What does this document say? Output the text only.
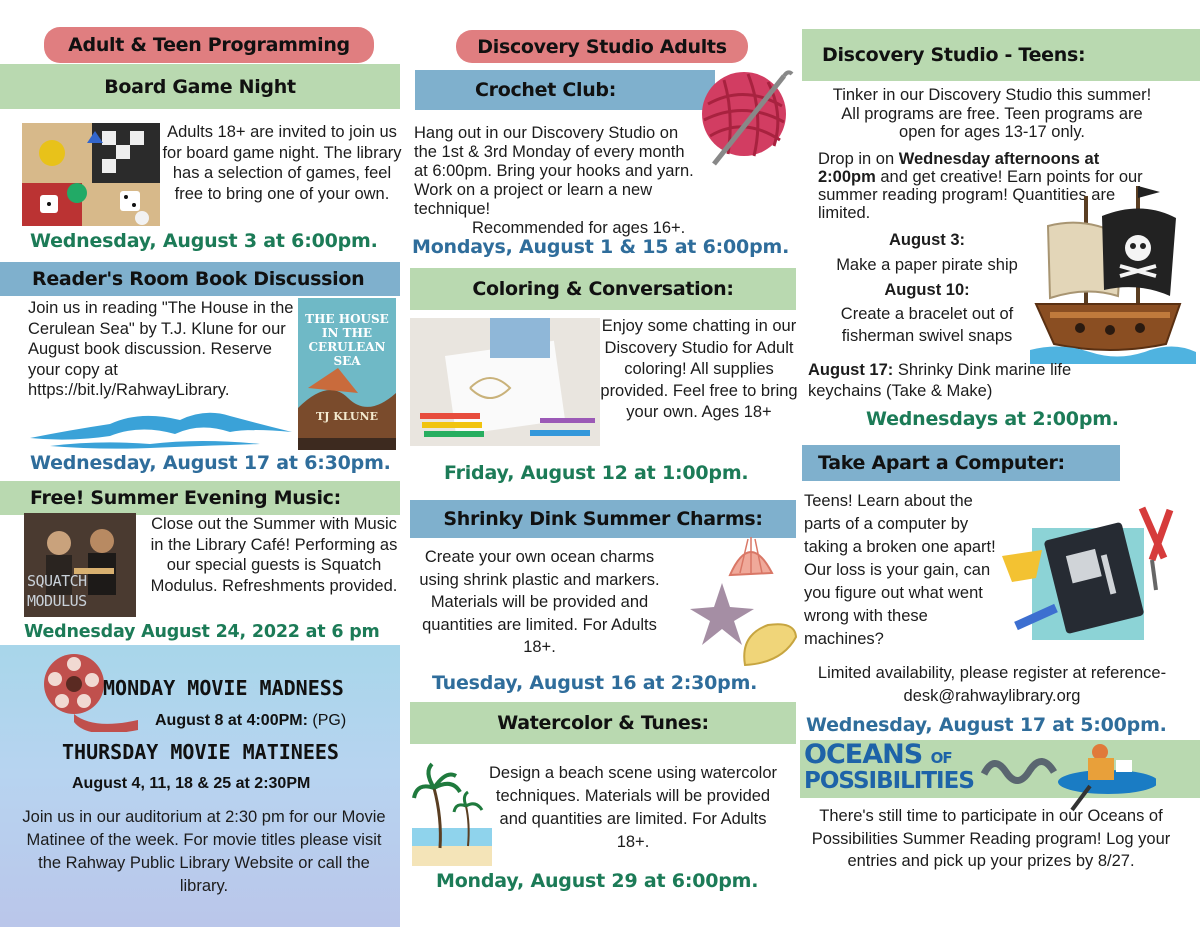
Adult & Teen Programming
Board Game Night
Adults 18+ are invited to join us for board game night. The library has a selection of games, feel free to bring one of your own.
Wednesday, August 3 at 6:00pm.
Reader's Room Book Discussion
Join us in reading "The House in the Cerulean Sea" by T.J. Klune for our August book discussion. Reserve your copy at https://bit.ly/RahwayLibrary.
THE HOUSE IN THE CERULEAN SEA
TJ KLUNE
Wednesday, August 17 at 6:30pm.
Free! Summer Evening Music:
SQUATCH MODULUS
Close out the Summer with Music in the Library Café! Performing as our special guests is Squatch Modulus. Refreshments provided.
Wednesday August 24, 2022 at 6 pm
MONDAY MOVIE MADNESS
August 8 at 4:00PM: (PG)
THURSDAY MOVIE MATINEES
August 4, 11, 18 & 25 at 2:30PM
Join us in our auditorium at 2:30 pm for our Movie Matinee of the week. For movie titles please visit the Rahway Public Library Website or call the library.
Discovery Studio Adults
Crochet Club:
Hang out in our Discovery Studio on the 1st & 3rd Monday of every month at 6:00pm. Bring your hooks and yarn. Work on a project or learn a new technique!
Recommended for ages 16+.
Mondays, August 1 & 15 at 6:00pm.
Coloring & Conversation:
Enjoy some chatting in our Discovery Studio for Adult coloring! All supplies provided. Feel free to bring your own. Ages 18+
Friday, August 12 at 1:00pm.
Shrinky Dink Summer Charms:
Create your own ocean charms using shrink plastic and markers. Materials will be provided and quantities are limited. For Adults 18+.
Tuesday, August 16 at 2:30pm.
Watercolor & Tunes:
Design a beach scene using watercolor techniques. Materials will be provided and quantities are limited. For Adults 18+.
Monday, August 29 at 6:00pm.
Discovery Studio - Teens:
Tinker in our Discovery Studio this summer! All programs are free. Teen programs are open for ages 13-17 only.
Drop in on Wednesday afternoons at 2:00pm and get creative! Earn points for our summer reading program! Quantities are limited.
August 3:
Make a paper pirate ship
August 10:
Create a bracelet out of fisherman swivel snaps
August 17: Shrinky Dink marine life keychains (Take & Make)
Wednesdays at 2:00pm.
Take Apart a Computer:
Teens! Learn about the parts of a computer by taking a broken one apart! Our loss is your gain, can you figure out what went wrong with these machines?
Limited availability, please register at reference-desk@rahwaylibrary.org
Wednesday, August 17 at 5:00pm.
OCEANS OF
POSSIBILITIES
There's still time to participate in our Oceans of Possibilities Summer Reading program! Log your entries and pick up your prizes by 8/27.
